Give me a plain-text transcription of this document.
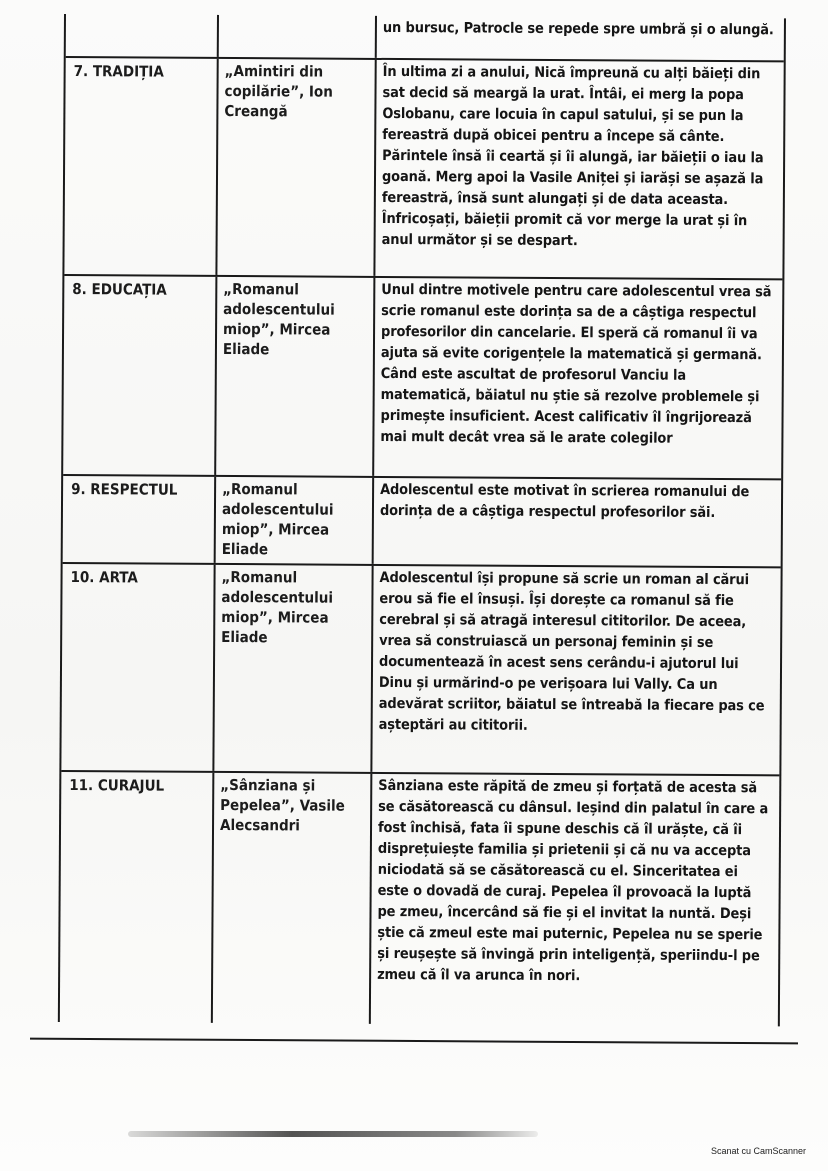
un bursuc, Patrocle se repede spre umbră și o alungă.
7. TRADIȚIA	„Amintiri din copilărie”, Ion Creangă
În ultima zi a anului, Nică împreună cu alți băieți din sat decid să meargă la urat. Întâi, ei merg la popa Oslobanu, care locuia în capul satului, și se pun la fereastră după obicei pentru a începe să cânte. Părintele însă îi ceartă și îi alungă, iar băieții o iau la goană. Merg apoi la Vasile Aniței și iarăși se așază la fereastră, însă sunt alungați și de data aceasta. Înfricoșați, băieții promit că vor merge la urat și în anul următor și se despart.
8. EDUCAȚIA	„Romanul adolescentului miop”, Mircea Eliade
Unul dintre motivele pentru care adolescentul vrea să scrie romanul este dorința sa de a câștiga respectul profesorilor din cancelarie. El speră că romanul îi va ajuta să evite corigențele la matematică și germană. Când este ascultat de profesorul Vanciu la matematică, băiatul nu știe să rezolve problemele și primește insuficient. Acest calificativ îl îngrijorează mai mult decât vrea să le arate colegilor
9. RESPECTUL	„Romanul adolescentului miop”, Mircea Eliade
Adolescentul este motivat în scrierea romanului de dorința de a câștiga respectul profesorilor săi.
10. ARTA	„Romanul adolescentului miop”, Mircea Eliade
Adolescentul își propune să scrie un roman al cărui erou să fie el însuși. Își dorește ca romanul să fie cerebral și să atragă interesul cititorilor. De aceea, vrea să construiască un personaj feminin și se documentează în acest sens cerându-i ajutorul lui Dinu și urmărind-o pe verișoara lui Vally. Ca un adevărat scriitor, băiatul se întreabă la fiecare pas ce așteptări au cititorii.
11. CURAJUL	„Sânziana și Pepelea”, Vasile Alecsandri
Sânziana este răpită de zmeu și forțată de acesta să se căsătorească cu dânsul. Ieșind din palatul în care a fost închisă, fata îi spune deschis că îl urăște, că îi disprețuiește familia și prietenii și că nu va accepta niciodată să se căsătorească cu el. Sinceritatea ei este o dovadă de curaj. Pepelea îl provoacă la luptă pe zmeu, încercând să fie și el invitat la nuntă. Deși știe că zmeul este mai puternic, Pepelea nu se sperie și reușește să învingă prin inteligență, speriindu-l pe zmeu că îl va arunca în nori.
Scanat cu CamScanner
